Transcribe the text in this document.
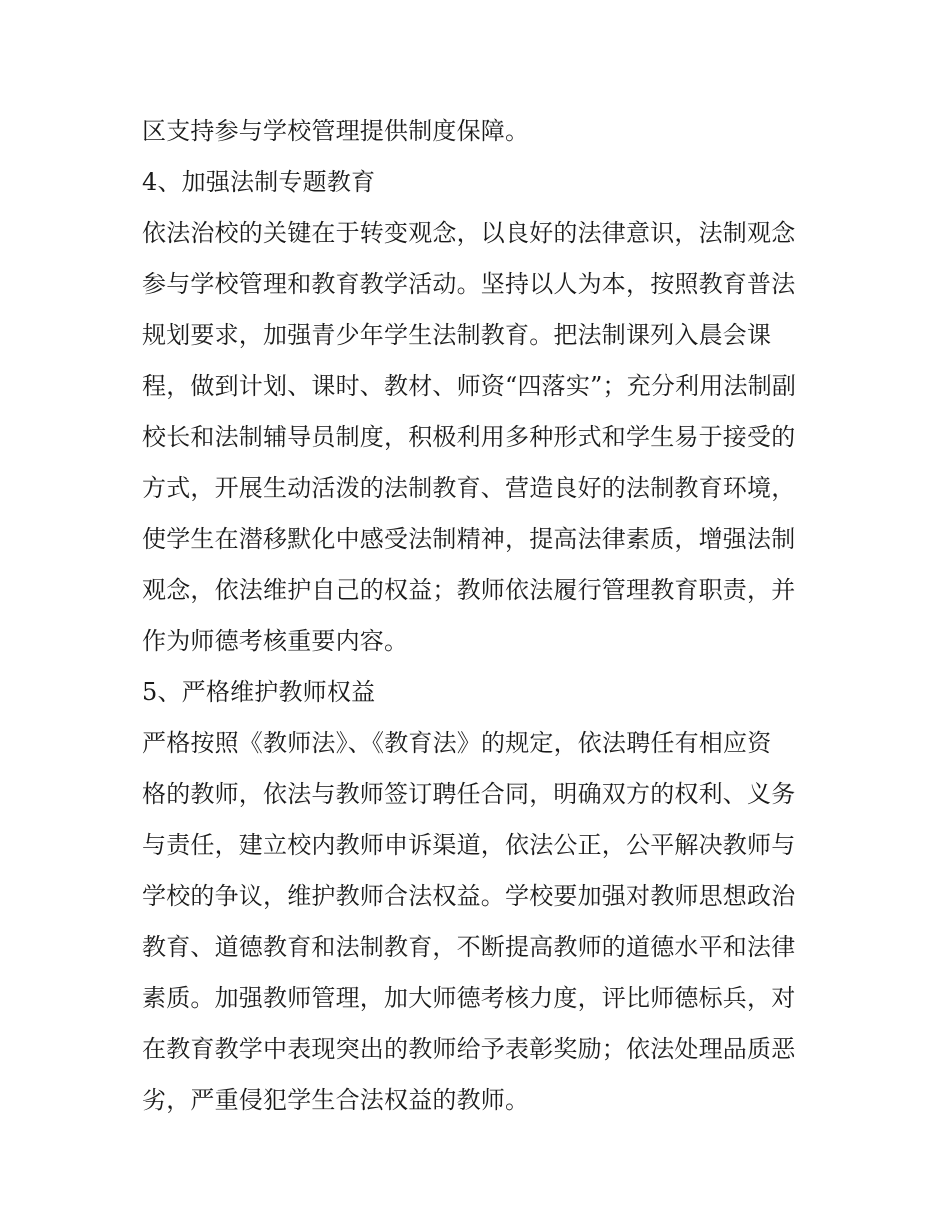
区支持参与学校管理提供制度保障。
4、加强法制专题教育
依法治校的关键在于转变观念，以良好的法律意识，法制观念
参与学校管理和教育教学活动。坚持以人为本，按照教育普法
规划要求，加强青少年学生法制教育。把法制课列入晨会课
程，做到计划、课时、教材、师资“四落实”；充分利用法制副
校长和法制辅导员制度，积极利用多种形式和学生易于接受的
方式，开展生动活泼的法制教育、营造良好的法制教育环境，
使学生在潜移默化中感受法制精神，提高法律素质，增强法制
观念，依法维护自己的权益；教师依法履行管理教育职责，并
作为师德考核重要内容。
5、严格维护教师权益
严格按照《教师法》、《教育法》的规定，依法聘任有相应资
格的教师，依法与教师签订聘任合同，明确双方的权利、义务
与责任，建立校内教师申诉渠道，依法公正，公平解决教师与
学校的争议，维护教师合法权益。学校要加强对教师思想政治
教育、道德教育和法制教育，不断提高教师的道德水平和法律
素质。加强教师管理，加大师德考核力度，评比师德标兵，对
在教育教学中表现突出的教师给予表彰奖励；依法处理品质恶
劣，严重侵犯学生合法权益的教师。
